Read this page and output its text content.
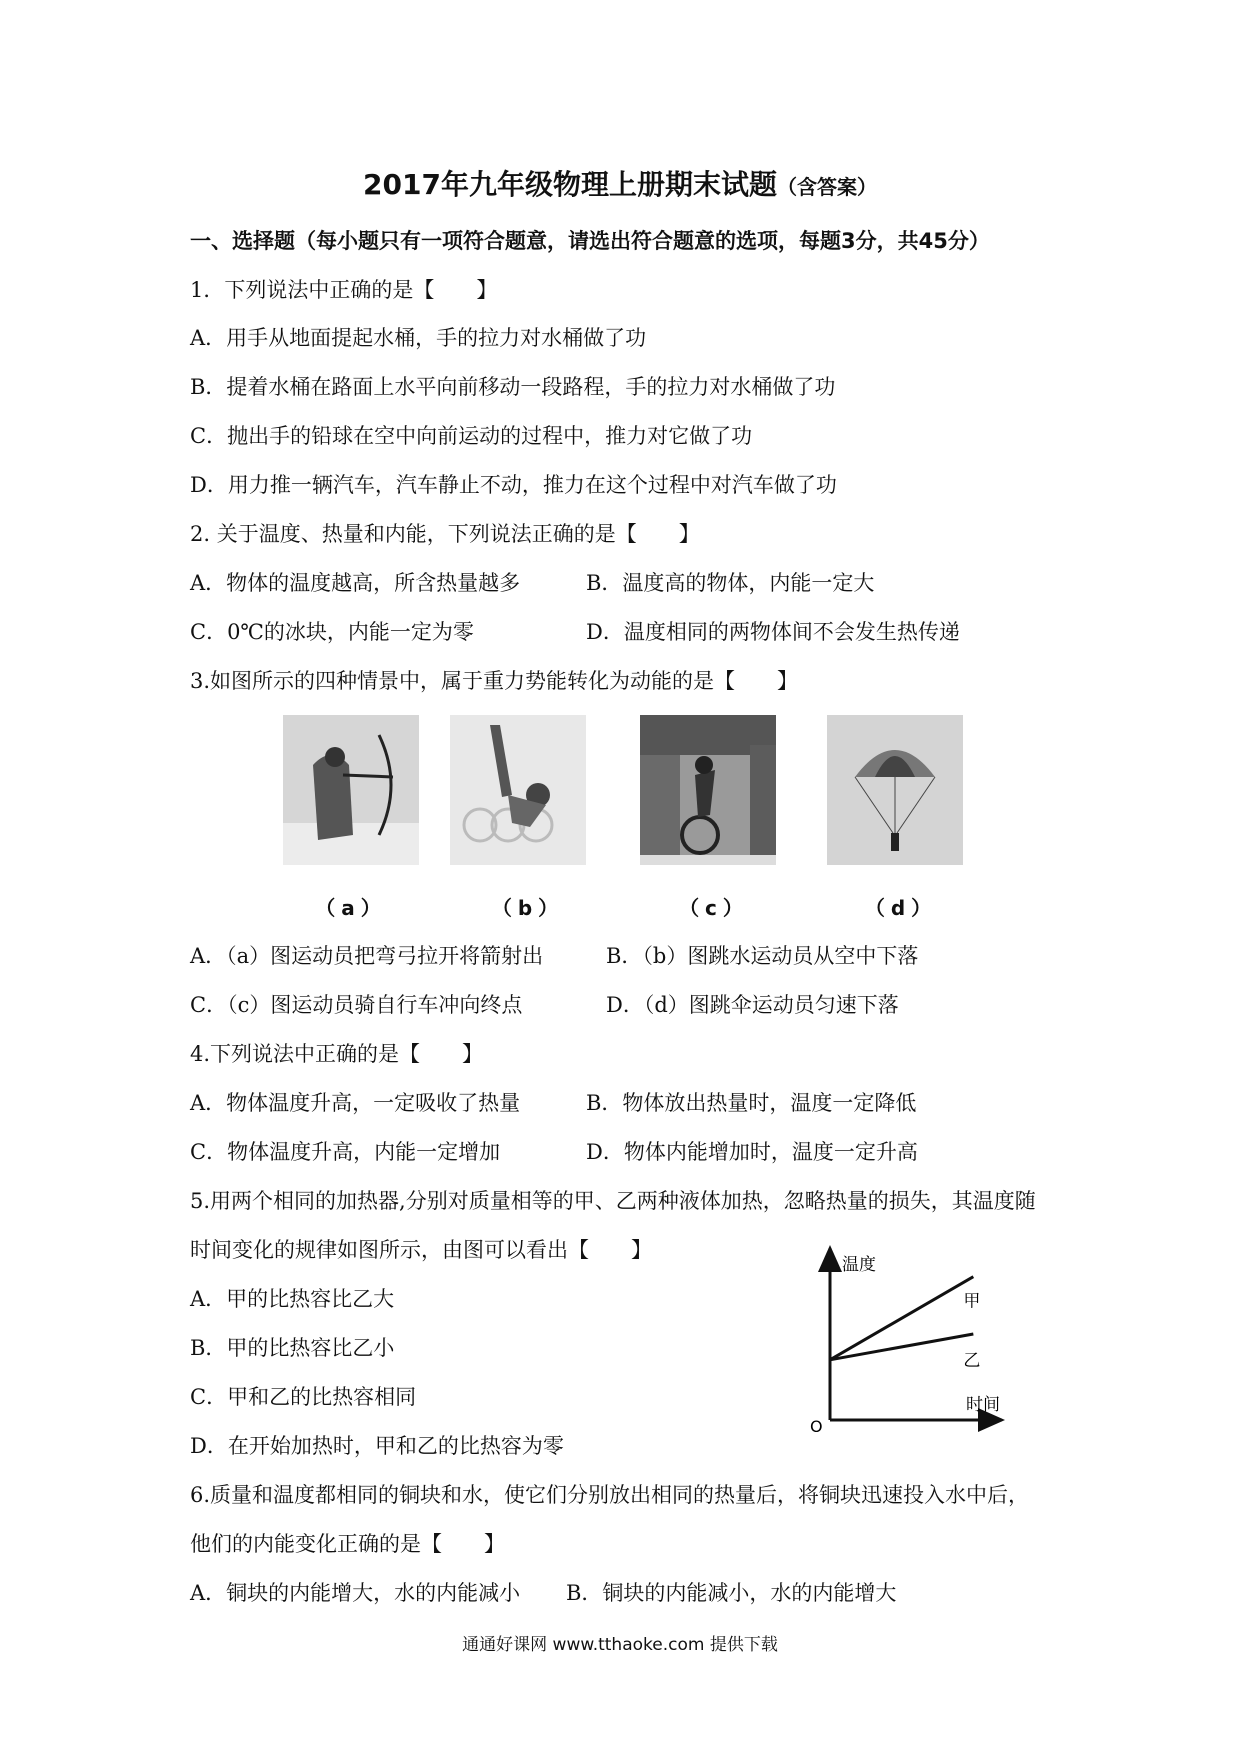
2017年九年级物理上册期末试题（含答案）
一、选择题（每小题只有一项符合题意，请选出符合题意的选项，每题3分，共45分）
1．下列说法中正确的是【　　】
A．用手从地面提起水桶，手的拉力对水桶做了功
B．提着水桶在路面上水平向前移动一段路程，手的拉力对水桶做了功
C．抛出手的铅球在空中向前运动的过程中，推力对它做了功
D．用力推一辆汽车，汽车静止不动，推力在这个过程中对汽车做了功
2. 关于温度、热量和内能，下列说法正确的是【　　】
A．物体的温度越高，所含热量越多	B．温度高的物体，内能一定大
C．0℃的冰块，内能一定为零	D．温度相同的两物体间不会发生热传递
3.如图所示的四种情景中，属于重力势能转化为动能的是【　　】
（a）	（b）	（c）	（d）
A．（a）图运动员把弯弓拉开将箭射出	B．（b）图跳水运动员从空中下落
C．（c）图运动员骑自行车冲向终点	D．（d）图跳伞运动员匀速下落
4.下列说法中正确的是【　　】
A．物体温度升高，一定吸收了热量	B．物体放出热量时，温度一定降低
C．物体温度升高，内能一定增加	D．物体内能增加时，温度一定升高
5.用两个相同的加热器,分别对质量相等的甲、乙两种液体加热，忽略热量的损失，其温度随
时间变化的规律如图所示，由图可以看出【　　】
A．甲的比热容比乙大
B．甲的比热容比乙小
C．甲和乙的比热容相同
D．在开始加热时，甲和乙的比热容为零
温度
时间
O
甲
乙
6.质量和温度都相同的铜块和水，使它们分别放出相同的热量后，将铜块迅速投入水中后，
他们的内能变化正确的是【　　】
A．铜块的内能增大，水的内能减小 B．铜块的内能减小，水的内能增大
通通好课网 www.tthaoke.com 提供下载
